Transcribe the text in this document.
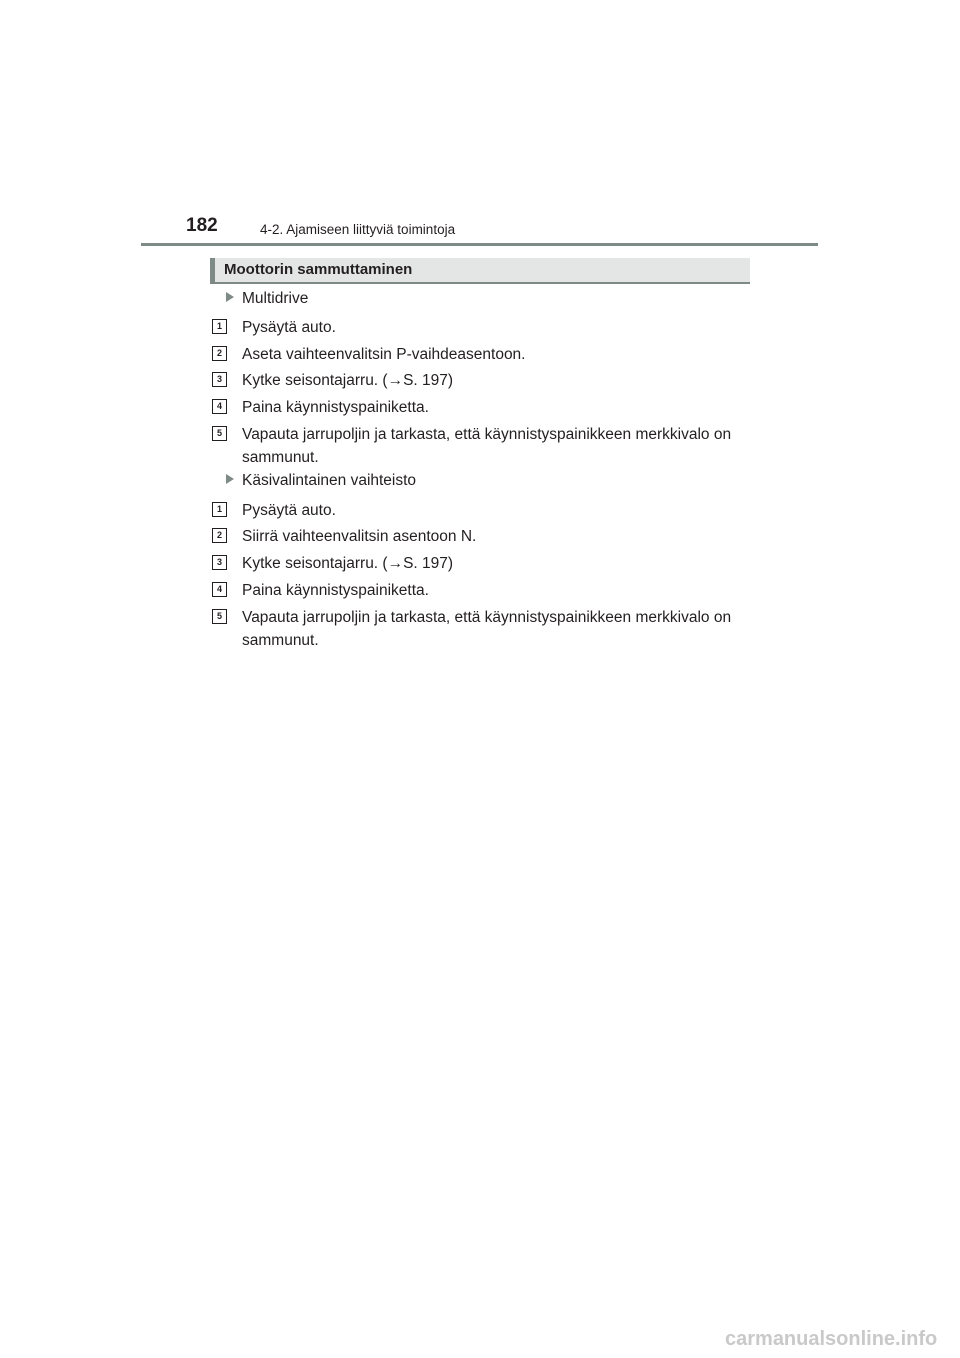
182	4-2. Ajamiseen liittyviä toimintoja
Moottorin sammuttaminen
Multidrive
1	Pysäytä auto.
2	Aseta vaihteenvalitsin P-vaihdeasentoon.
3	Kytke seisontajarru. (→S. 197)
4	Paina käynnistyspainiketta.
5	Vapauta jarrupoljin ja tarkasta, että käynnistyspainikkeen merkkivalo on sammunut.
Käsivalintainen vaihteisto
1	Pysäytä auto.
2	Siirrä vaihteenvalitsin asentoon N.
3	Kytke seisontajarru. (→S. 197)
4	Paina käynnistyspainiketta.
5	Vapauta jarrupoljin ja tarkasta, että käynnistyspainikkeen merkkivalo on sammunut.
carmanualsonline.info
